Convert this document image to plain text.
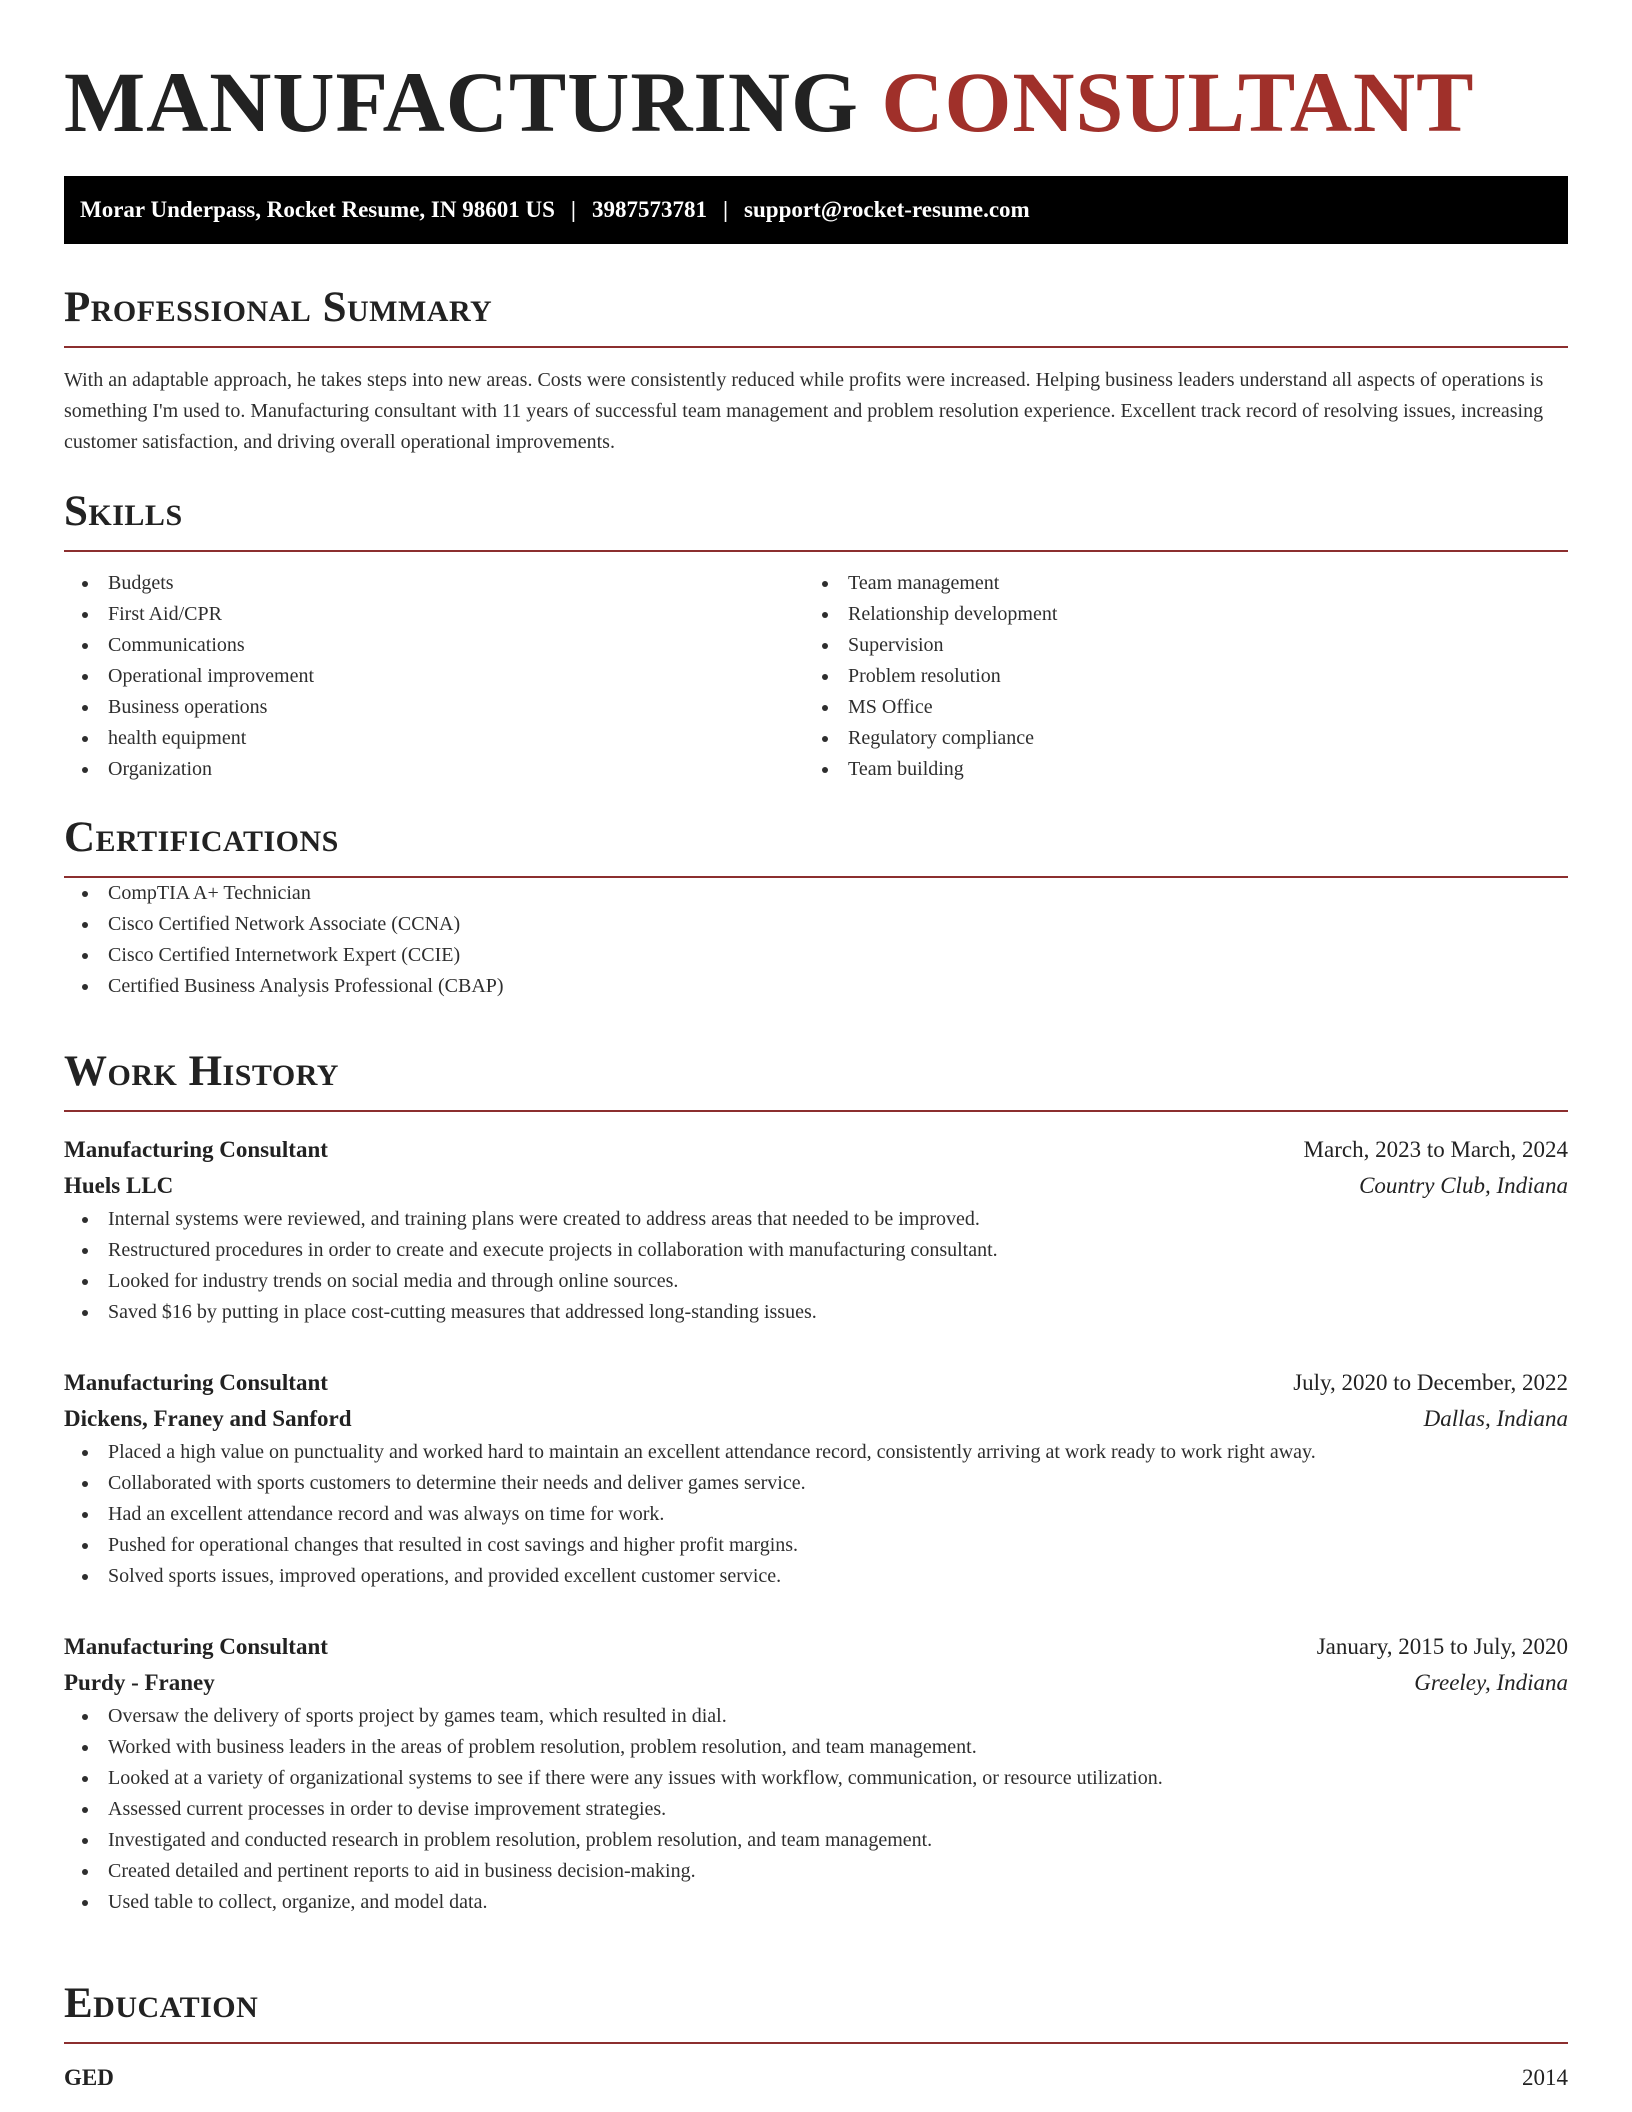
MANUFACTURING CONSULTANT
Morar Underpass, Rocket Resume, IN 98601 US | 3987573781 | support@rocket-resume.com
Professional Summary

With an adaptable approach, he takes steps into new areas. Costs were consistently reduced while profits were increased. Helping business leaders understand all aspects of operations is something I'm used to. Manufacturing consultant with 11 years of successful team management and problem resolution experience. Excellent track record of resolving issues, increasing customer satisfaction, and driving overall operational improvements.

Skills
Budgets
First Aid/CPR
Communications
Operational improvement
Business operations
health equipment
Organization
Team management
Relationship development
Supervision
Problem resolution
MS Office
Regulatory compliance
Team building
Certifications
CompTIA A+ Technician
Cisco Certified Network Associate (CCNA)
Cisco Certified Internetwork Expert (CCIE)
Certified Business Analysis Professional (CBAP)
Work History
Manufacturing Consultant	March, 2023 to March, 2024
Huels LLC	Country Club, Indiana
Internal systems were reviewed, and training plans were created to address areas that needed to be improved.
Restructured procedures in order to create and execute projects in collaboration with manufacturing consultant.
Looked for industry trends on social media and through online sources.
Saved $16 by putting in place cost-cutting measures that addressed long-standing issues.
Manufacturing Consultant	July, 2020 to December, 2022
Dickens, Franey and Sanford	Dallas, Indiana
Placed a high value on punctuality and worked hard to maintain an excellent attendance record, consistently arriving at work ready to work right away.
Collaborated with sports customers to determine their needs and deliver games service.
Had an excellent attendance record and was always on time for work.
Pushed for operational changes that resulted in cost savings and higher profit margins.
Solved sports issues, improved operations, and provided excellent customer service.
Manufacturing Consultant	January, 2015 to July, 2020
Purdy - Franey	Greeley, Indiana
Oversaw the delivery of sports project by games team, which resulted in dial.
Worked with business leaders in the areas of problem resolution, problem resolution, and team management.
Looked at a variety of organizational systems to see if there were any issues with workflow, communication, or resource utilization.
Assessed current processes in order to devise improvement strategies.
Investigated and conducted research in problem resolution, problem resolution, and team management.
Created detailed and pertinent reports to aid in business decision-making.
Used table to collect, organize, and model data.
Education
GED	2014
